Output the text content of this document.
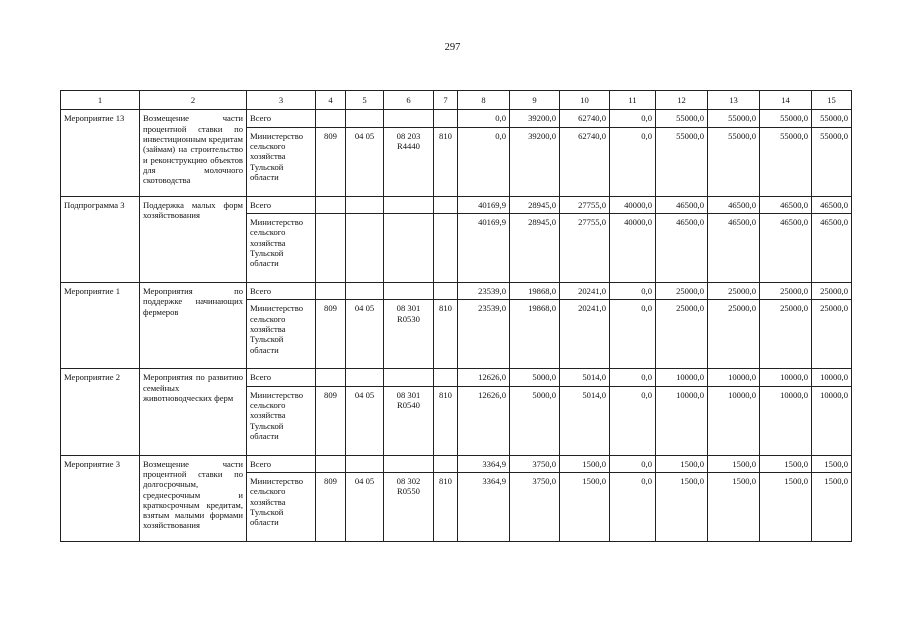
297
1	2	3	4	5	6	7	8	9	10	11	12	13	14	15
Мероприятие 13	Возмещение части процентной ставки по инвестиционным кредитам (займам) на строительство и реконструкцию объектов для молочного скотоводства	Всего					0,0	39200,0	62740,0	0,0	55000,0	55000,0	55000,0	55000,0
		Министерство сельского хозяйства Тульской области	809	04 05	08 203 R4440	810	0,0	39200,0	62740,0	0,0	55000,0	55000,0	55000,0	55000,0
Подпрограмма 3	Поддержка малых форм хозяйствования	Всего					40169,9	28945,0	27755,0	40000,0	46500,0	46500,0	46500,0	46500,0
		Министерство сельского хозяйства Тульской области					40169,9	28945,0	27755,0	40000,0	46500,0	46500,0	46500,0	46500,0
Мероприятие 1	Мероприятия по поддержке начинающих фермеров	Всего					23539,0	19868,0	20241,0	0,0	25000,0	25000,0	25000,0	25000,0
		Министерство сельского хозяйства Тульской области	809	04 05	08 301 R0530	810	23539,0	19868,0	20241,0	0,0	25000,0	25000,0	25000,0	25000,0
Мероприятие 2	Мероприятия по развитию семейных животноводческих ферм	Всего					12626,0	5000,0	5014,0	0,0	10000,0	10000,0	10000,0	10000,0
		Министерство сельского хозяйства Тульской области	809	04 05	08 301 R0540	810	12626,0	5000,0	5014,0	0,0	10000,0	10000,0	10000,0	10000,0
Мероприятие 3	Возмещение части процентной ставки по долгосрочным, среднесрочным и краткосрочным кредитам, взятым малыми формами хозяйствования	Всего					3364,9	3750,0	1500,0	0,0	1500,0	1500,0	1500,0	1500,0
		Министерство сельского хозяйства Тульской области	809	04 05	08 302 R0550	810	3364,9	3750,0	1500,0	0,0	1500,0	1500,0	1500,0	1500,0
